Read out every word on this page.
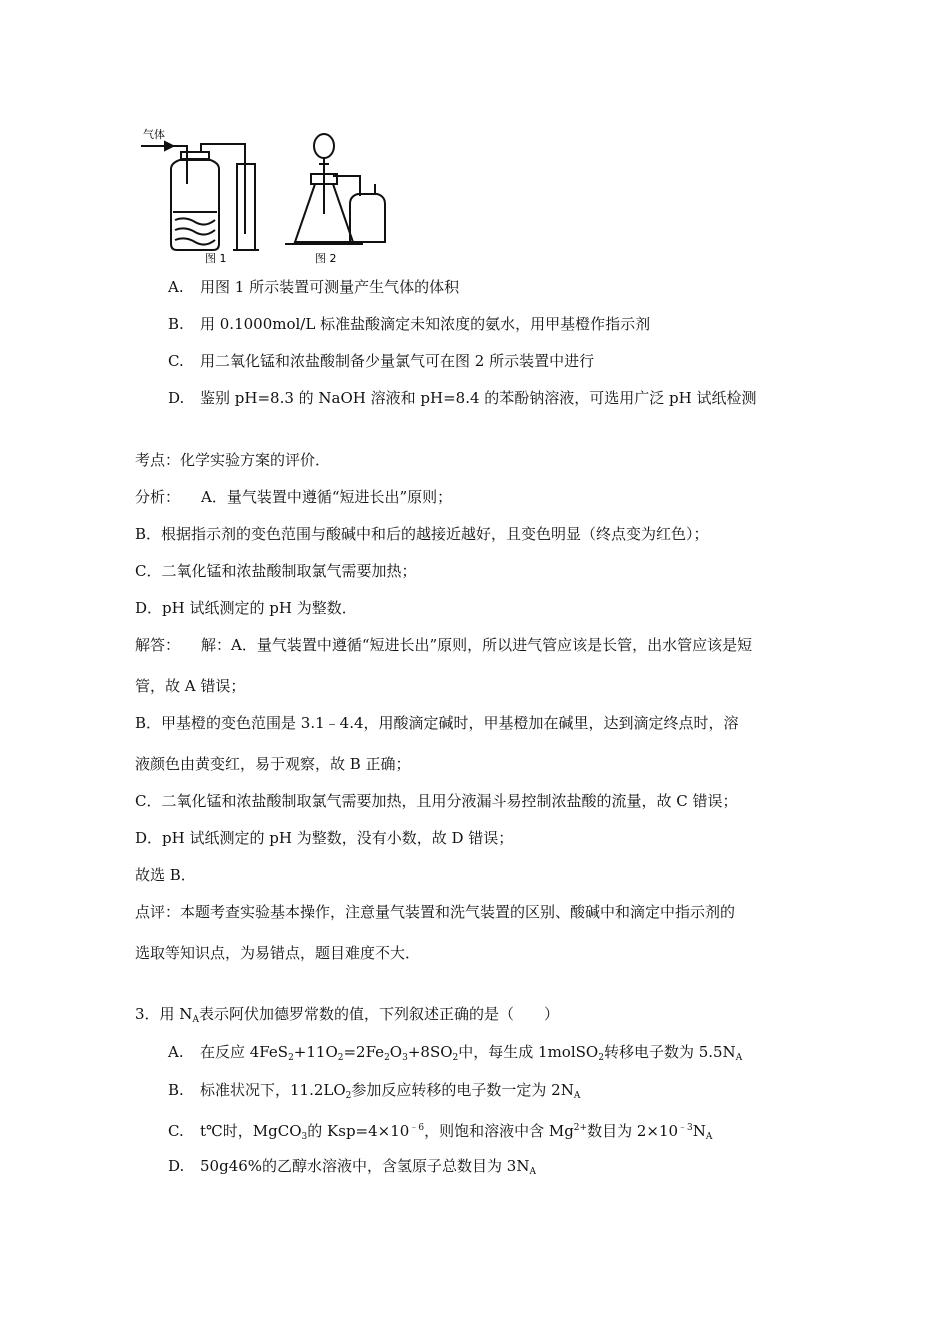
气体
图 1	图 2
A. 用图 1 所示装置可测量产生气体的体积
B. 用 0.1000mol/L 标准盐酸滴定未知浓度的氨水，用甲基橙作指示剂
C. 用二氧化锰和浓盐酸制备少量氯气可在图 2 所示装置中进行
D. 鉴别 pH=8.3 的 NaOH 溶液和 pH=8.4 的苯酚钠溶液，可选用广泛 pH 试纸检测
考点：化学实验方案的评价．
分析： A．量气装置中遵循“短进长出”原则；
B．根据指示剂的变色范围与酸碱中和后的越接近越好，且变色明显（终点变为红色）；
C．二氧化锰和浓盐酸制取氯气需要加热；
D．pH 试纸测定的 pH 为整数．
解答： 解：A．量气装置中遵循“短进长出”原则，所以进气管应该是长管，出水管应该是短
管，故 A 错误；
B．甲基橙的变色范围是 3.1﹣4.4，用酸滴定碱时，甲基橙加在碱里，达到滴定终点时，溶
液颜色由黄变红，易于观察，故 B 正确；
C．二氧化锰和浓盐酸制取氯气需要加热，且用分液漏斗易控制浓盐酸的流量，故 C 错误；
D．pH 试纸测定的 pH 为整数，没有小数，故 D 错误；
故选 B．
点评：本题考查实验基本操作，注意量气装置和洗气装置的区别、酸碱中和滴定中指示剂的
选取等知识点，为易错点，题目难度不大．
3．用 $N_A$表示阿伏加德罗常数的值，下列叙述正确的是（　　）
A. 在反应 $4FeS_2+11O_2=2Fe_2O_3+8SO_2$中，每生成 1molSO$_2$转移电子数为 $5.5N_A$
B. 标准状况下，$11.2LO_2$参加反应转移的电子数一定为 $2N_A$
C. t℃时，MgCO$_3$的 $Ksp=4\times 10^{﹣6}$，则饱和溶液中含 $Mg^{2+}$数目为 $2\times 10^{﹣3}N_A$
D. 50g46%的乙醇水溶液中，含氢原子总数目为 $3N_A$
